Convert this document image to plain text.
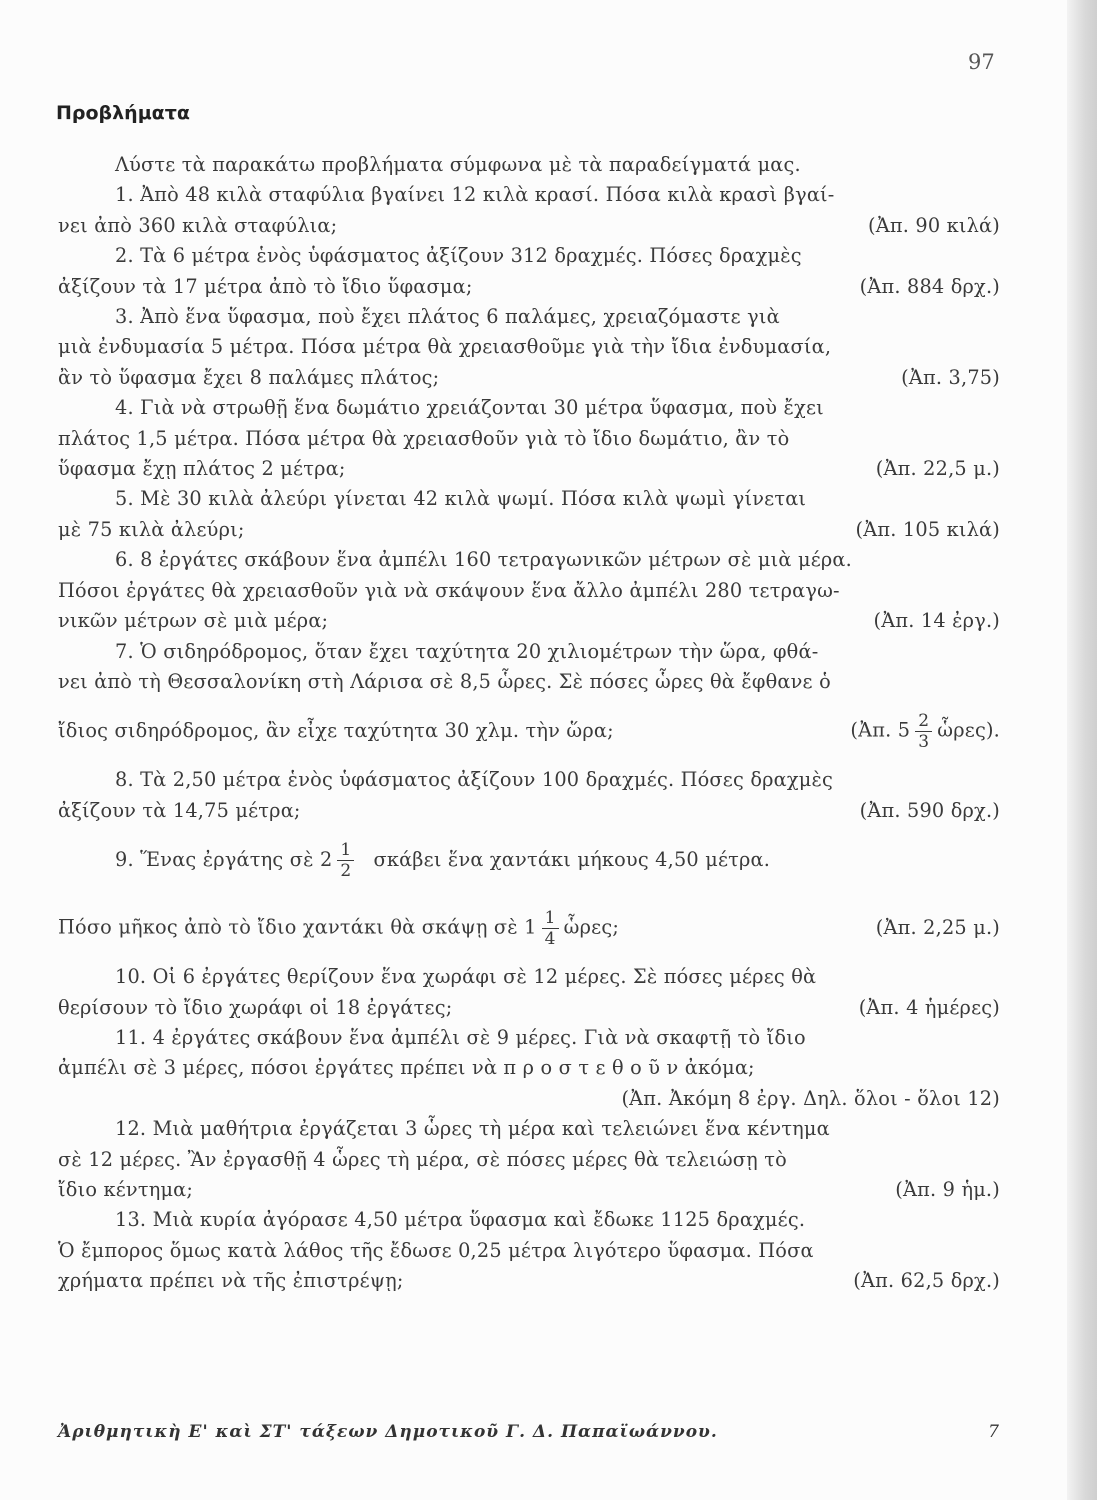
97
Προβλήματα

Λύστε τὰ παρακάτω προβλήματα σύμφωνα μὲ τὰ παραδείγματά μας.

1. Ἀπὸ 48 κιλὰ σταφύλια βγαίνει 12 κιλὰ κρασί. Πόσα κιλὰ κρασὶ βγαί-

νει ἀπὸ 360 κιλὰ σταφύλια;	(Ἀπ. 90 κιλά)

2. Τὰ 6 μέτρα ἑνὸς ὑφάσματος ἀξίζουν 312 δραχμές. Πόσες δραχμὲς

ἀξίζουν τὰ 17 μέτρα ἀπὸ τὸ ἴδιο ὕφασμα;	(Ἀπ. 884 δρχ.)

3. Ἀπὸ ἕνα ὕφασμα, ποὺ ἔχει πλάτος 6 παλάμες, χρειαζόμαστε γιὰ

μιὰ ἐνδυμασία 5 μέτρα. Πόσα μέτρα θὰ χρειασθοῦμε γιὰ τὴν ἴδια ἐνδυμασία,

ἂν τὸ ὕφασμα ἔχει 8 παλάμες πλάτος;	(Ἀπ. 3,75)

4. Γιὰ νὰ στρωθῇ ἕνα δωμάτιο χρειάζονται 30 μέτρα ὕφασμα, ποὺ ἔχει

πλάτος 1,5 μέτρα. Πόσα μέτρα θὰ χρειασθοῦν γιὰ τὸ ἴδιο δωμάτιο, ἂν τὸ

ὕφασμα ἔχῃ πλάτος 2 μέτρα;	(Ἀπ. 22,5 μ.)

5. Μὲ 30 κιλὰ ἀλεύρι γίνεται 42 κιλὰ ψωμί. Πόσα κιλὰ ψωμὶ γίνεται

μὲ 75 κιλὰ ἀλεύρι;	(Ἀπ. 105 κιλά)

6. 8 ἐργάτες σκάβουν ἕνα ἀμπέλι 160 τετραγωνικῶν μέτρων σὲ μιὰ μέρα.

Πόσοι ἐργάτες θὰ χρειασθοῦν γιὰ νὰ σκάψουν ἕνα ἄλλο ἀμπέλι 280 τετραγω-

νικῶν μέτρων σὲ μιὰ μέρα;	(Ἀπ. 14 ἐργ.)

7. Ὁ σιδηρόδρομος, ὅταν ἔχει ταχύτητα 20 χιλιομέτρων τὴν ὥρα, φθά-

νει ἀπὸ τὴ Θεσσαλονίκη στὴ Λάρισα σὲ 8,5 ὧρες. Σὲ πόσες ὧρες θὰ ἔφθανε ὁ

ἴδιος σιδηρόδρομος, ἂν εἶχε ταχύτητα 30 χλμ. τὴν ὥρα;	(Ἀπ. $5 \frac{2}{3}$ ὧρες).

8. Τὰ 2,50 μέτρα ἑνὸς ὑφάσματος ἀξίζουν 100 δραχμές. Πόσες δραχμὲς

ἀξίζουν τὰ 14,75 μέτρα;	(Ἀπ. 590 δρχ.)
9. Ἕνας ἐργάτης σὲ $2 \frac{1}{2}$ σκάβει ἕνα χαντάκι μήκους 4,50 μέτρα.
Πόσο μῆκος ἀπὸ τὸ ἴδιο χαντάκι θὰ σκάψῃ σὲ $1 \frac{1}{4}$ ὧρες;	(Ἀπ. 2,25 μ.)

10. Οἱ 6 ἐργάτες θερίζουν ἕνα χωράφι σὲ 12 μέρες. Σὲ πόσες μέρες θὰ

θερίσουν τὸ ἴδιο χωράφι οἱ 18 ἐργάτες;	(Ἀπ. 4 ἡμέρες)

11. 4 ἐργάτες σκάβουν ἕνα ἀμπέλι σὲ 9 μέρες. Γιὰ νὰ σκαφτῇ τὸ ἴδιο

ἀμπέλι σὲ 3 μέρες, πόσοι ἐργάτες πρέπει νὰ π ρ ο σ τ ε θ ο ῦ ν ἀκόμα;

(Ἀπ. Ἀκόμη 8 ἐργ. Δηλ. ὅλοι - ὅλοι 12)

12. Μιὰ μαθήτρια ἐργάζεται 3 ὧρες τὴ μέρα καὶ τελειώνει ἕνα κέντημα

σὲ 12 μέρες. Ἂν ἐργασθῇ 4 ὧρες τὴ μέρα, σὲ πόσες μέρες θὰ τελειώσῃ τὸ

ἴδιο κέντημα;	(Ἀπ. 9 ἡμ.)

13. Μιὰ κυρία ἀγόρασε 4,50 μέτρα ὕφασμα καὶ ἔδωκε 1125 δραχμές.

Ὁ ἔμπορος ὅμως κατὰ λάθος τῆς ἔδωσε 0,25 μέτρα λιγότερο ὕφασμα. Πόσα

χρήματα πρέπει νὰ τῆς ἐπιστρέψῃ;	(Ἀπ. 62,5 δρχ.)
Ἀριθμητικὴ Ε' καὶ ΣΤ' τάξεων Δημοτικοῦ Γ. Δ. Παπαϊωάννου.	7
